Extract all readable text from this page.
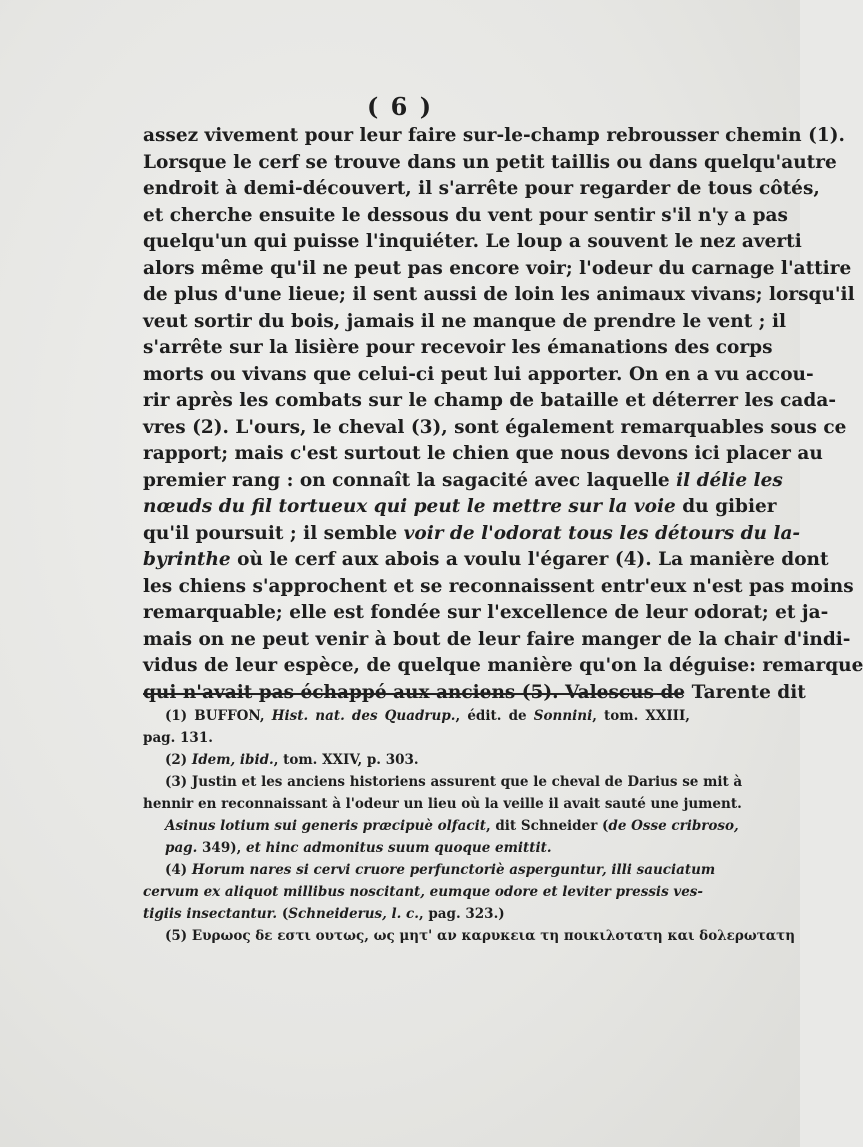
( 6 )
assez vivement pour leur faire sur-le-champ rebrousser chemin (1).
Lorsque le cerf se trouve dans un petit taillis ou dans quelqu'autre
endroit à demi-découvert, il s'arrête pour regarder de tous côtés,
et cherche ensuite le dessous du vent pour sentir s'il n'y a pas
quelqu'un qui puisse l'inquiéter. Le loup a souvent le nez averti
alors même qu'il ne peut pas encore voir; l'odeur du carnage l'attire
de plus d'une lieue; il sent aussi de loin les animaux vivans; lorsqu'il
veut sortir du bois, jamais il ne manque de prendre le vent ; il
s'arrête sur la lisière pour recevoir les émanations des corps
morts ou vivans que celui-ci peut lui apporter. On en a vu accou-
rir après les combats sur le champ de bataille et déterrer les cada-
vres (2). L'ours, le cheval (3), sont également remarquables sous ce
rapport; mais c'est surtout le chien que nous devons ici placer au
premier rang : on connaît la sagacité avec laquelle il délie les
nœuds du fil tortueux qui peut le mettre sur la voie du gibier
qu'il poursuit ; il semble voir de l'odorat tous les détours du la-
byrinthe où le cerf aux abois a voulu l'égarer (4). La manière dont
les chiens s'approchent et se reconnaissent entr'eux n'est pas moins
remarquable; elle est fondée sur l'excellence de leur odorat; et ja-
mais on ne peut venir à bout de leur faire manger de la chair d'indi-
vidus de leur espèce, de quelque manière qu'on la déguise: remarque
qui n'avait pas échappé aux anciens (5). Valescus de Tarente dit
(1) BUFFON, Hist. nat. des Quadrup., édit. de Sonnini, tom. XXIII,
pag. 131.
(2) Idem, ibid., tom. XXIV, p. 303.
(3) Justin et les anciens historiens assurent que le cheval de Darius se mit à
hennir en reconnaissant à l'odeur un lieu où la veille il avait sauté une jument.
Asinus lotium sui generis præcipuè olfacit, dit Schneider (de Osse cribroso,
pag. 349), et hinc admonitus suum quoque emittit.
(4) Horum nares si cervi cruore perfunctoriè asperguntur, illi sauciatum
cervum ex aliquot millibus noscitant, eumque odore et leviter pressis ves-
tigiis insectantur. (Schneiderus, l. c., pag. 323.)
(5) Ευρωος δε εστι ουτως, ως μητ' αν καρυκεια τη ποικιλοτατη και δολερωτατη
